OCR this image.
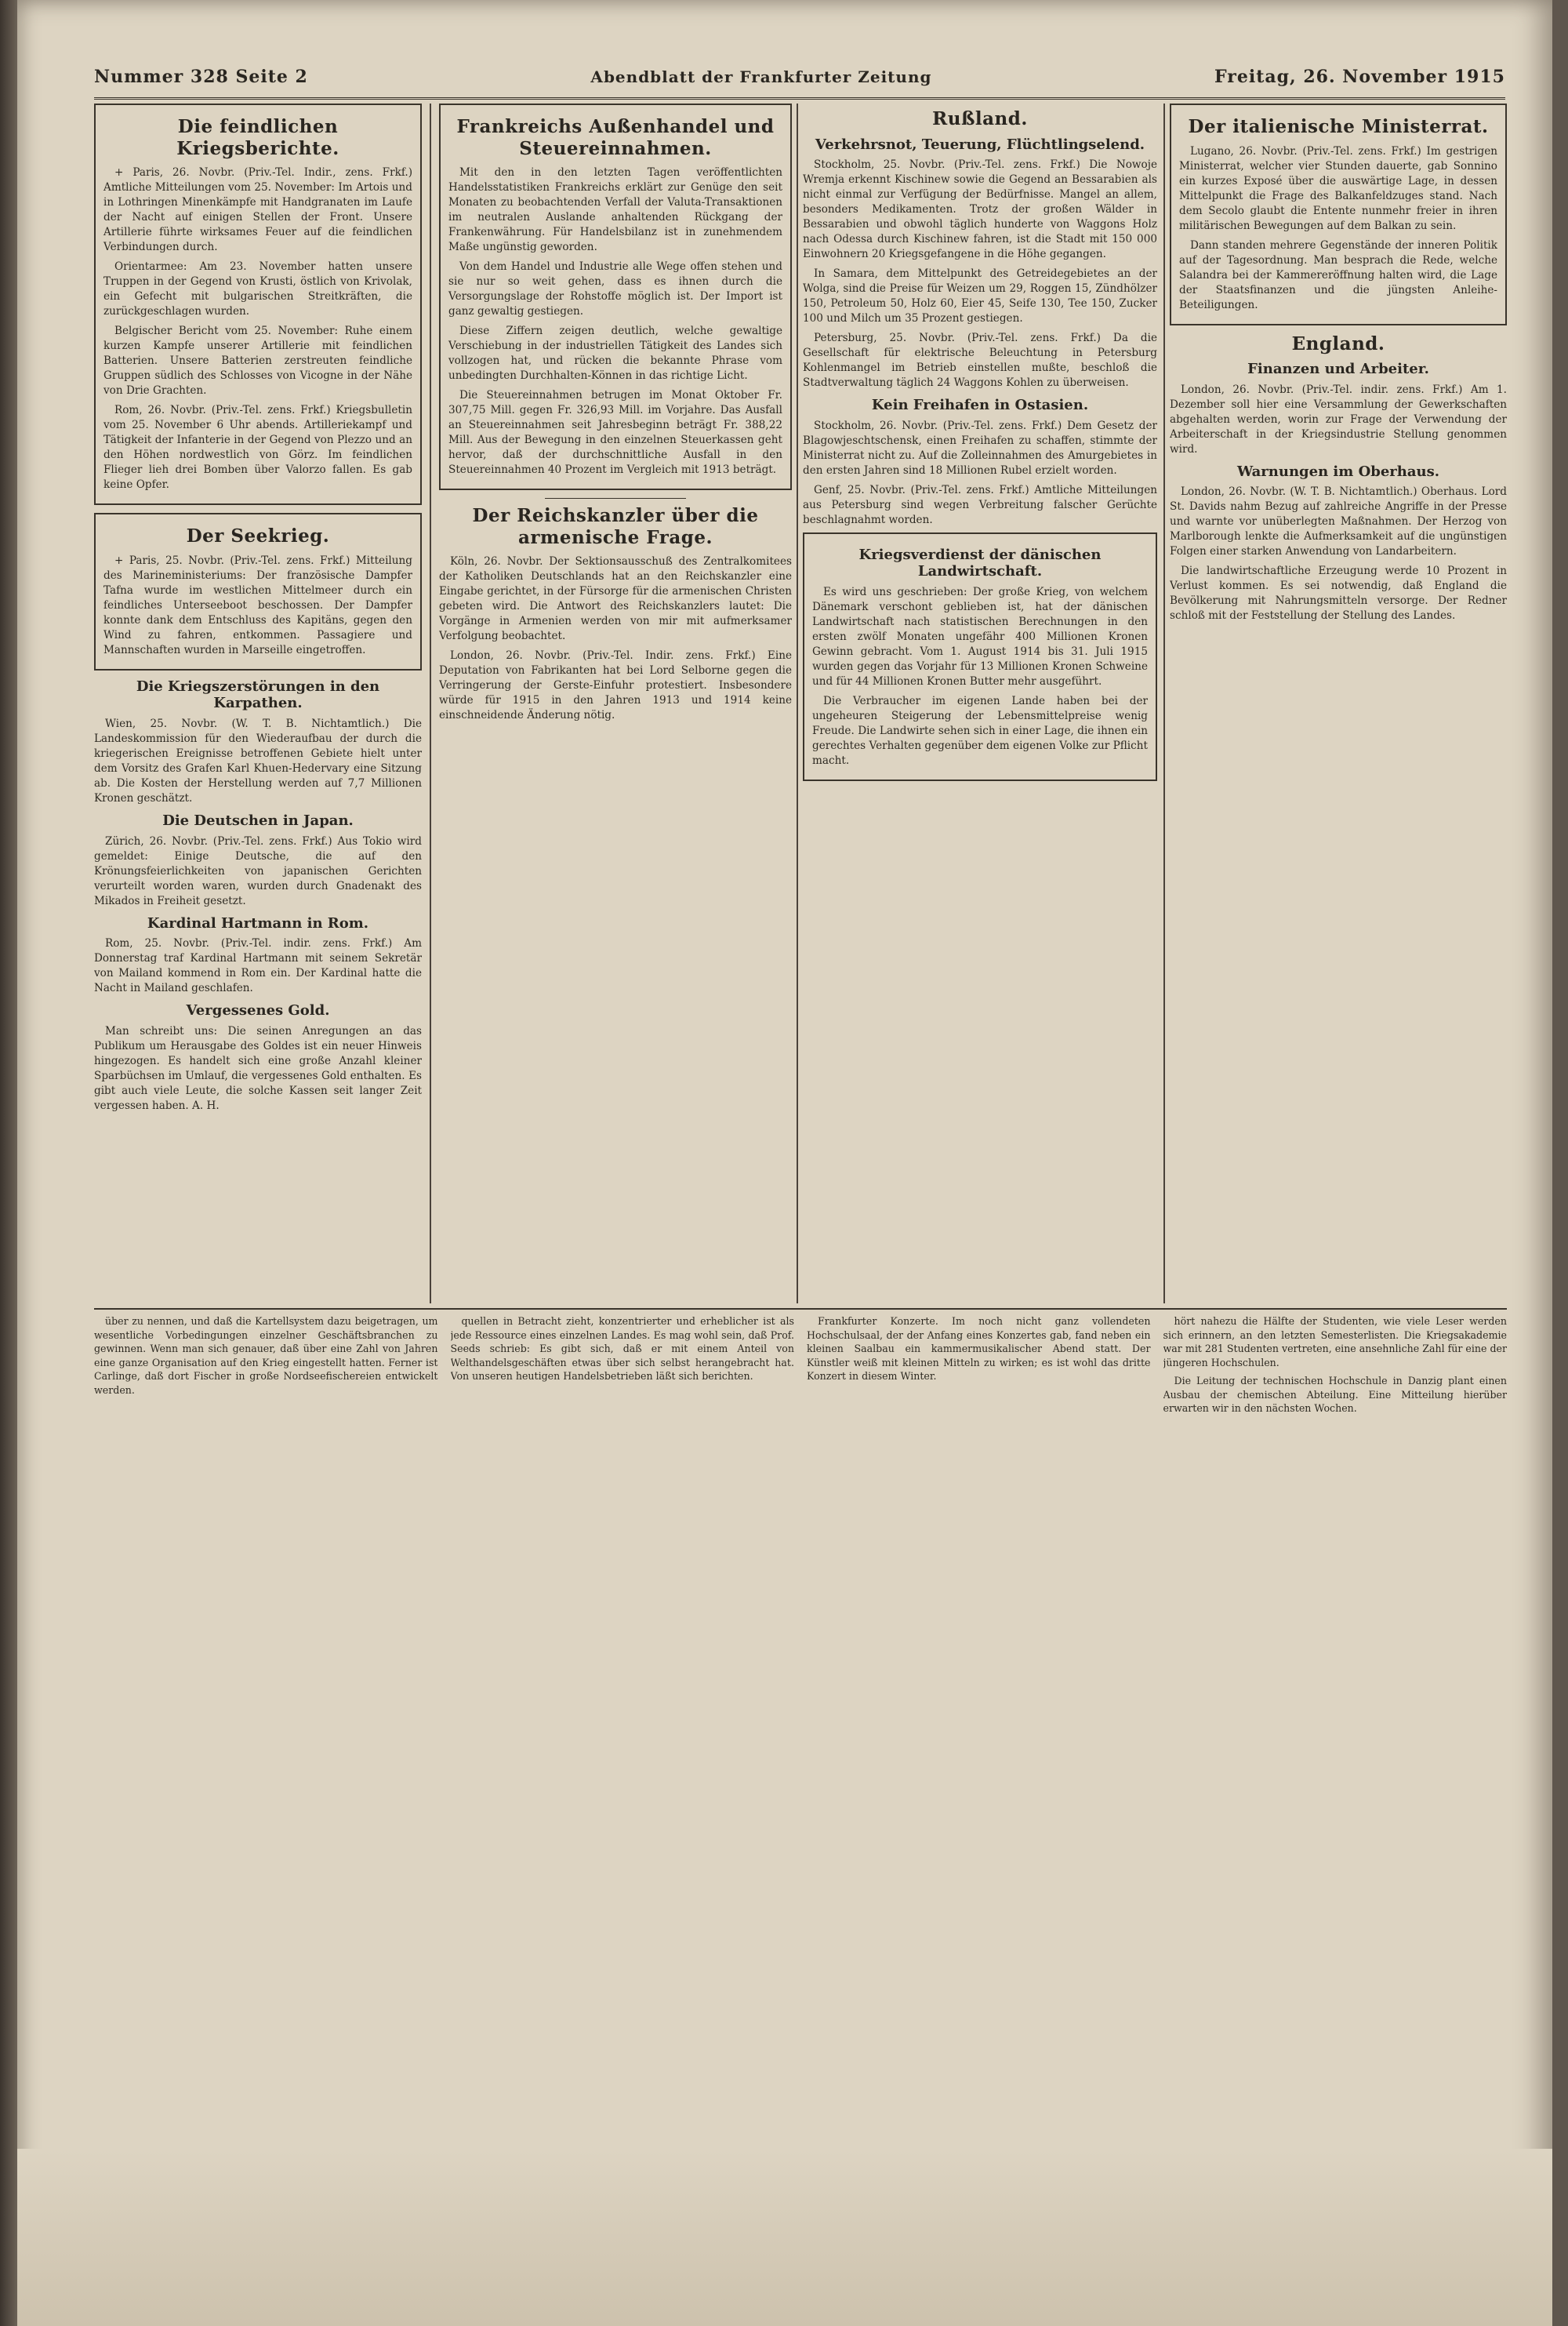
Nummer 328 Seite 2	Abendblatt der Frankfurter Zeitung	Freitag, 26. November 1915
Die feindlichen Kriegsberichte.

+ Paris, 26. Novbr. (Priv.-Tel. Indir., zens. Frkf.) Amtliche Mitteilungen vom 25. November: Im Artois und in Lothringen Minenkämpfe mit Handgranaten im Laufe der Nacht auf einigen Stellen der Front. Unsere Artillerie führte wirksames Feuer auf die feindlichen Verbindungen durch.

Orientarmee: Am 23. November hatten unsere Truppen in der Gegend von Krusti, östlich von Krivolak, ein Gefecht mit bulgarischen Streitkräften, die zurückgeschlagen wurden.

Belgischer Bericht vom 25. November: Ruhe einem kurzen Kampfe unserer Artillerie mit feindlichen Batterien. Unsere Batterien zerstreuten feindliche Gruppen südlich des Schlosses von Vicogne in der Nähe von Drie Grachten.

Rom, 26. Novbr. (Priv.-Tel. zens. Frkf.) Kriegsbulletin vom 25. November 6 Uhr abends. Artilleriekampf und Tätigkeit der Infanterie in der Gegend von Plezzo und an den Höhen nordwestlich von Görz. Im feindlichen Flieger lieh drei Bomben über Valorzo fallen. Es gab keine Opfer.

Der Seekrieg.

+ Paris, 25. Novbr. (Priv.-Tel. zens. Frkf.) Mitteilung des Marineministeriums: Der französische Dampfer Tafna wurde im westlichen Mittelmeer durch ein feindliches Unterseeboot beschossen. Der Dampfer konnte dank dem Entschluss des Kapitäns, gegen den Wind zu fahren, entkommen. Passagiere und Mannschaften wurden in Marseille eingetroffen.

Die Kriegszerstörungen in den Karpathen.

Wien, 25. Novbr. (W. T. B. Nichtamtlich.) Die Landeskommission für den Wiederaufbau der durch die kriegerischen Ereignisse betroffenen Gebiete hielt unter dem Vorsitz des Grafen Karl Khuen-Hedervary eine Sitzung ab. Die Kosten der Herstellung werden auf 7,7 Millionen Kronen geschätzt.

Die Deutschen in Japan.

Zürich, 26. Novbr. (Priv.-Tel. zens. Frkf.) Aus Tokio wird gemeldet: Einige Deutsche, die auf den Krönungsfeierlichkeiten von japanischen Gerichten verurteilt worden waren, wurden durch Gnadenakt des Mikados in Freiheit gesetzt.

Kardinal Hartmann in Rom.

Rom, 25. Novbr. (Priv.-Tel. indir. zens. Frkf.) Am Donnerstag traf Kardinal Hartmann mit seinem Sekretär von Mailand kommend in Rom ein. Der Kardinal hatte die Nacht in Mailand geschlafen.

Vergessenes Gold.

Man schreibt uns: Die seinen Anregungen an das Publikum um Herausgabe des Goldes ist ein neuer Hinweis hingezogen. Es handelt sich eine große Anzahl kleiner Sparbüchsen im Umlauf, die vergessenes Gold enthalten. Es gibt auch viele Leute, die solche Kassen seit langer Zeit vergessen haben. A. H.

Frankreichs Außenhandel und Steuereinnahmen.

Mit den in den letzten Tagen veröffentlichten Handelsstatistiken Frankreichs erklärt zur Genüge den seit Monaten zu beobachtenden Verfall der Valuta-Transaktionen im neutralen Auslande anhaltenden Rückgang der Frankenwährung. Für Handelsbilanz ist in zunehmendem Maße ungünstig geworden.

Von dem Handel und Industrie alle Wege offen stehen und sie nur so weit gehen, dass es ihnen durch die Versorgungslage der Rohstoffe möglich ist. Der Import ist ganz gewaltig gestiegen.

Diese Ziffern zeigen deutlich, welche gewaltige Verschiebung in der industriellen Tätigkeit des Landes sich vollzogen hat, und rücken die bekannte Phrase vom unbedingten Durchhalten-Können in das richtige Licht.

Die Steuereinnahmen betrugen im Monat Oktober Fr. 307,75 Mill. gegen Fr. 326,93 Mill. im Vorjahre. Das Ausfall an Steuereinnahmen seit Jahresbeginn beträgt Fr. 388,22 Mill. Aus der Bewegung in den einzelnen Steuerkassen geht hervor, daß der durchschnittliche Ausfall in den Steuereinnahmen 40 Prozent im Vergleich mit 1913 beträgt.

Der Reichskanzler über die armenische Frage.

Köln, 26. Novbr. Der Sektionsausschuß des Zentralkomitees der Katholiken Deutschlands hat an den Reichskanzler eine Eingabe gerichtet, in der Fürsorge für die armenischen Christen gebeten wird. Die Antwort des Reichskanzlers lautet: Die Vorgänge in Armenien werden von mir mit aufmerksamer Verfolgung beobachtet.

London, 26. Novbr. (Priv.-Tel. Indir. zens. Frkf.) Eine Deputation von Fabrikanten hat bei Lord Selborne gegen die Verringerung der Gerste-Einfuhr protestiert. Insbesondere würde für 1915 in den Jahren 1913 und 1914 keine einschneidende Änderung nötig.

Rußland.
Verkehrsnot, Teuerung, Flüchtlingselend.

Stockholm, 25. Novbr. (Priv.-Tel. zens. Frkf.) Die Nowoje Wremja erkennt Kischinew sowie die Gegend an Bessarabien als nicht einmal zur Verfügung der Bedürfnisse. Mangel an allem, besonders Medikamenten. Trotz der großen Wälder in Bessarabien und obwohl täglich hunderte von Waggons Holz nach Odessa durch Kischinew fahren, ist die Stadt mit 150 000 Einwohnern 20 Kriegsgefangene in die Höhe gegangen.

In Samara, dem Mittelpunkt des Getreidegebietes an der Wolga, sind die Preise für Weizen um 29, Roggen 15, Zündhölzer 150, Petroleum 50, Holz 60, Eier 45, Seife 130, Tee 150, Zucker 100 und Milch um 35 Prozent gestiegen.

Petersburg, 25. Novbr. (Priv.-Tel. zens. Frkf.) Da die Gesellschaft für elektrische Beleuchtung in Petersburg Kohlenmangel im Betrieb einstellen mußte, beschloß die Stadtverwaltung täglich 24 Waggons Kohlen zu überweisen.

Kein Freihafen in Ostasien.

Stockholm, 26. Novbr. (Priv.-Tel. zens. Frkf.) Dem Gesetz der Blagowjeschtschensk, einen Freihafen zu schaffen, stimmte der Ministerrat nicht zu. Auf die Zolleinnahmen des Amurgebietes in den ersten Jahren sind 18 Millionen Rubel erzielt worden.

Genf, 25. Novbr. (Priv.-Tel. zens. Frkf.) Amtliche Mitteilungen aus Petersburg sind wegen Verbreitung falscher Gerüchte beschlagnahmt worden.

Kriegsverdienst der dänischen Landwirtschaft.

Es wird uns geschrieben: Der große Krieg, von welchem Dänemark verschont geblieben ist, hat der dänischen Landwirtschaft nach statistischen Berechnungen in den ersten zwölf Monaten ungefähr 400 Millionen Kronen Gewinn gebracht. Vom 1. August 1914 bis 31. Juli 1915 wurden gegen das Vorjahr für 13 Millionen Kronen Schweine und für 44 Millionen Kronen Butter mehr ausgeführt.

Die Verbraucher im eigenen Lande haben bei der ungeheuren Steigerung der Lebensmittelpreise wenig Freude. Die Landwirte sehen sich in einer Lage, die ihnen ein gerechtes Verhalten gegenüber dem eigenen Volke zur Pflicht macht.

Der italienische Ministerrat.

Lugano, 26. Novbr. (Priv.-Tel. zens. Frkf.) Im gestrigen Ministerrat, welcher vier Stunden dauerte, gab Sonnino ein kurzes Exposé über die auswärtige Lage, in dessen Mittelpunkt die Frage des Balkanfeldzuges stand. Nach dem Secolo glaubt die Entente nunmehr freier in ihren militärischen Bewegungen auf dem Balkan zu sein.

Dann standen mehrere Gegenstände der inneren Politik auf der Tagesordnung. Man besprach die Rede, welche Salandra bei der Kammereröffnung halten wird, die Lage der Staatsfinanzen und die jüngsten Anleihe-Beteiligungen.

England.
Finanzen und Arbeiter.

London, 26. Novbr. (Priv.-Tel. indir. zens. Frkf.) Am 1. Dezember soll hier eine Versammlung der Gewerkschaften abgehalten werden, worin zur Frage der Verwendung der Arbeiterschaft in der Kriegsindustrie Stellung genommen wird.

Warnungen im Oberhaus.

London, 26. Novbr. (W. T. B. Nichtamtlich.) Oberhaus. Lord St. Davids nahm Bezug auf zahlreiche Angriffe in der Presse und warnte vor unüberlegten Maßnahmen. Der Herzog von Marlborough lenkte die Aufmerksamkeit auf die ungünstigen Folgen einer starken Anwendung von Landarbeitern.

Die landwirtschaftliche Erzeugung werde 10 Prozent in Verlust kommen. Es sei notwendig, daß England die Bevölkerung mit Nahrungsmitteln versorge. Der Redner schloß mit der Feststellung der Stellung des Landes.

über zu nennen, und daß die Kartellsystem dazu beigetragen, um wesentliche Vorbedingungen einzelner Geschäftsbranchen zu gewinnen. Wenn man sich genauer, daß über eine Zahl von Jahren eine ganze Organisation auf den Krieg eingestellt hatten. Ferner ist Carlinge, daß dort Fischer in große Nordseefischereien entwickelt werden.

quellen in Betracht zieht, konzentrierter und erheblicher ist als jede Ressource eines einzelnen Landes. Es mag wohl sein, daß Prof. Seeds schrieb: Es gibt sich, daß er mit einem Anteil von Welthandelsgeschäften etwas über sich selbst herangebracht hat. Von unseren heutigen Handelsbetrieben läßt sich berichten.

Frankfurter Konzerte. Im noch nicht ganz vollendeten Hochschulsaal, der der Anfang eines Konzertes gab, fand neben ein kleinen Saalbau ein kammermusikalischer Abend statt. Der Künstler weiß mit kleinen Mitteln zu wirken; es ist wohl das dritte Konzert in diesem Winter.

hört nahezu die Hälfte der Studenten, wie viele Leser werden sich erinnern, an den letzten Semesterlisten. Die Kriegsakademie war mit 281 Studenten vertreten, eine ansehnliche Zahl für eine der jüngeren Hochschulen.

Die Leitung der technischen Hochschule in Danzig plant einen Ausbau der chemischen Abteilung. Eine Mitteilung hierüber erwarten wir in den nächsten Wochen.
